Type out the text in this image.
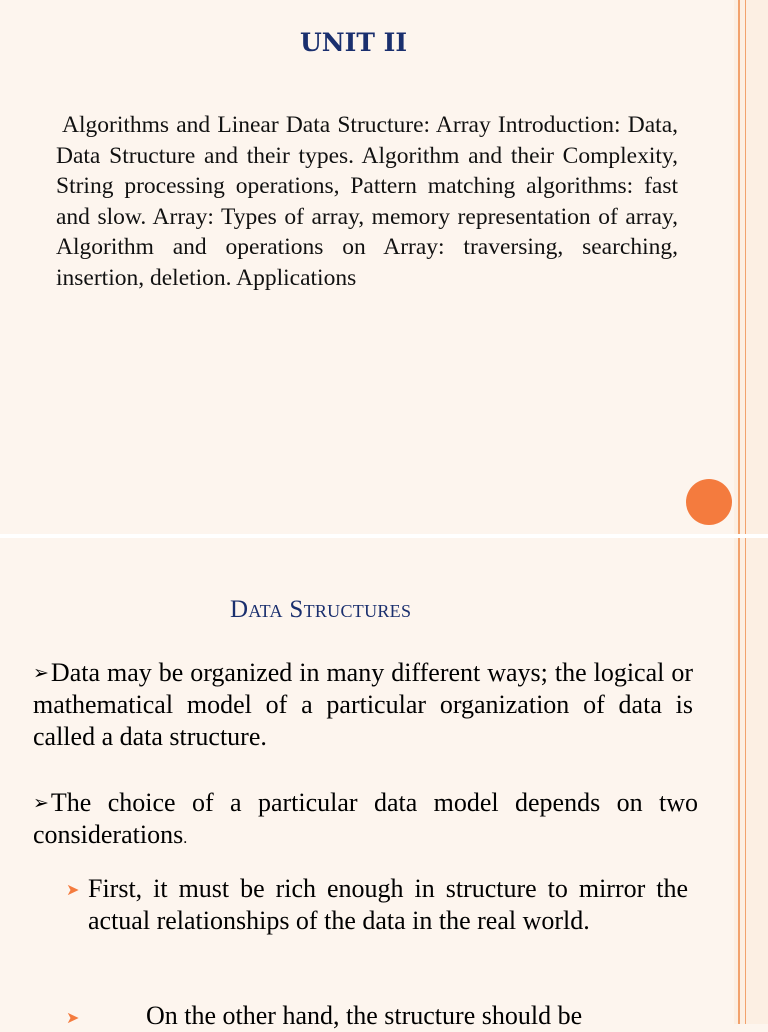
UNIT II

Algorithms and Linear Data Structure: Array Introduction: Data, Data Structure and their types. Algorithm and their Complexity, String processing operations, Pattern matching algorithms: fast and slow. Array: Types of array, memory representation of array, Algorithm and operations on Array: traversing, searching, insertion, deletion. Applications

Data Structures

➢Data may be organized in many different ways; the logical or mathematical model of a particular organization of data is called a data structure.

➢The choice of a particular data model depends on two considerations.

➤ First, it must be rich enough in structure to mirror the actual relationships of the data in the real world.

➤	On the other hand, the structure should be
